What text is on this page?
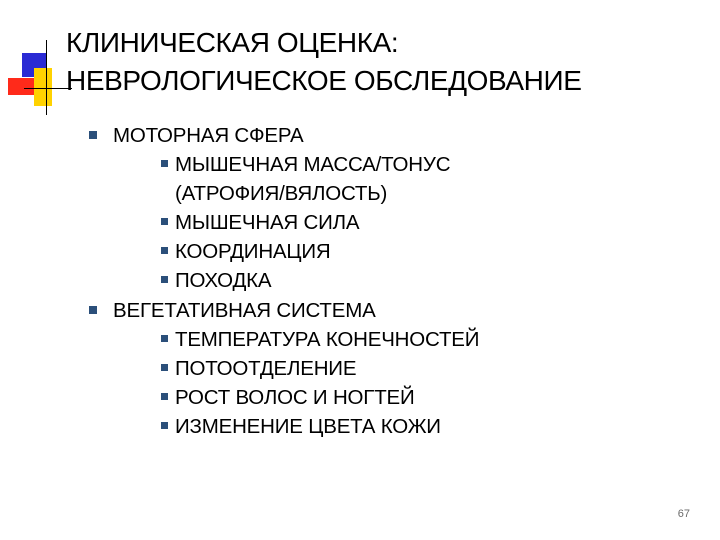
КЛИНИЧЕСКАЯ ОЦЕНКА:
НЕВРОЛОГИЧЕСКОЕ ОБСЛЕДОВАНИЕ
МОТОРНАЯ СФЕРА
МЫШЕЧНАЯ МАССА/ТОНУС
(АТРОФИЯ/ВЯЛОСТЬ)
МЫШЕЧНАЯ СИЛА
КООРДИНАЦИЯ
ПОХОДКА
ВЕГЕТАТИВНАЯ СИСТЕМА
ТЕМПЕРАТУРА КОНЕЧНОСТЕЙ
ПОТООТДЕЛЕНИЕ
РОСТ ВОЛОС И НОГТЕЙ
ИЗМЕНЕНИЕ ЦВЕТА КОЖИ
67
